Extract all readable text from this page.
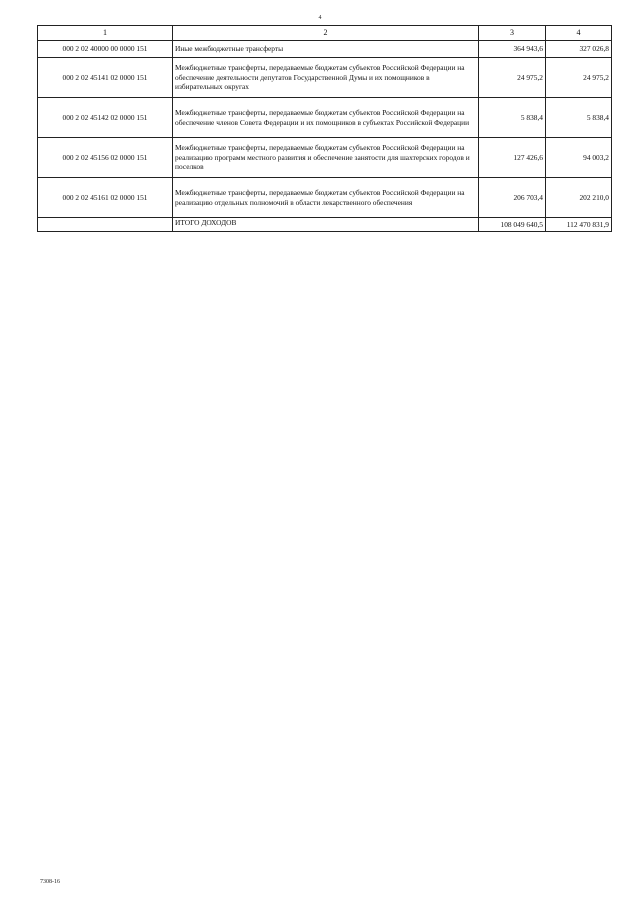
4
1	2	3	4
000 2 02 40000 00 0000 151	Иные межбюджетные трансферты	364 943,6	327 026,8
000 2 02 45141 02 0000 151	Межбюджетные трансферты, передаваемые бюджетам субъектов Российской Федерации на обеспечение деятельности депутатов Государственной Думы и их помощников в избирательных округах	24 975,2	24 975,2
000 2 02 45142 02 0000 151	Межбюджетные трансферты, передаваемые бюджетам субъектов Российской Федерации на обеспечение членов Совета Федерации и их помощников в субъектах Российской Федерации	5 838,4	5 838,4
000 2 02 45156 02 0000 151	Межбюджетные трансферты, передаваемые бюджетам субъектов Российской Федерации на реализацию программ местного развития и обеспечение занятости для шахтерских городов и поселков	127 426,6	94 003,2
000 2 02 45161 02 0000 151	Межбюджетные трансферты, передаваемые бюджетам субъектов Российской Федерации на реализацию отдельных полномочий в области лекарственного обеспечения	206 703,4	202 210,0
	ИТОГО ДОХОДОВ	108 049 640,5	112 470 831,9
7308-16
